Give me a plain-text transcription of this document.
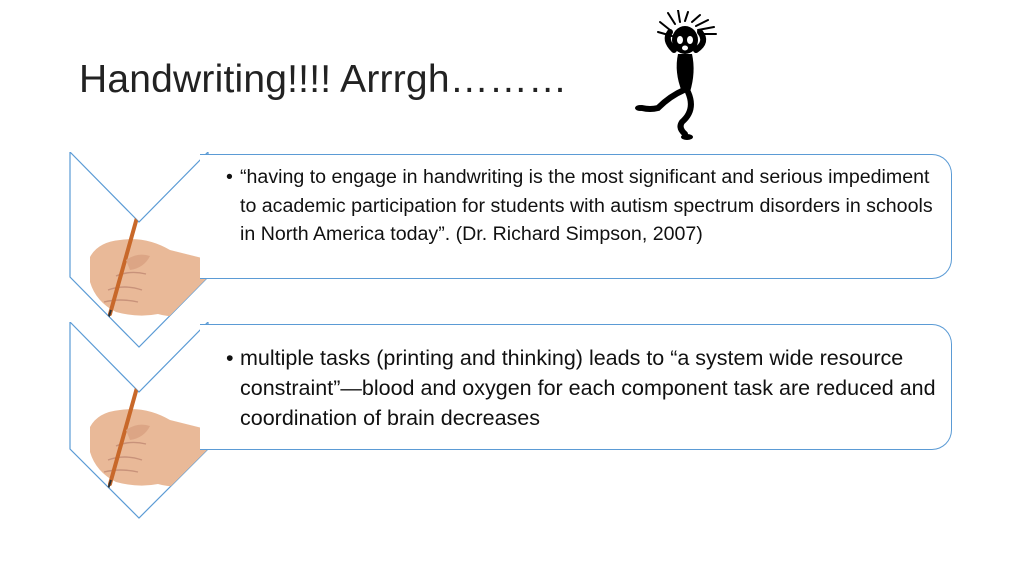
Handwriting!!!! Arrrgh………
• “having to engage in handwriting is the most significant and serious impediment to academic participation for students with autism spectrum disorders in schools in North America today”. (Dr. Richard Simpson, 2007)
• multiple tasks (printing and thinking) leads to “a system wide resource constraint”—blood and oxygen for each component task are reduced and coordination of brain decreases
